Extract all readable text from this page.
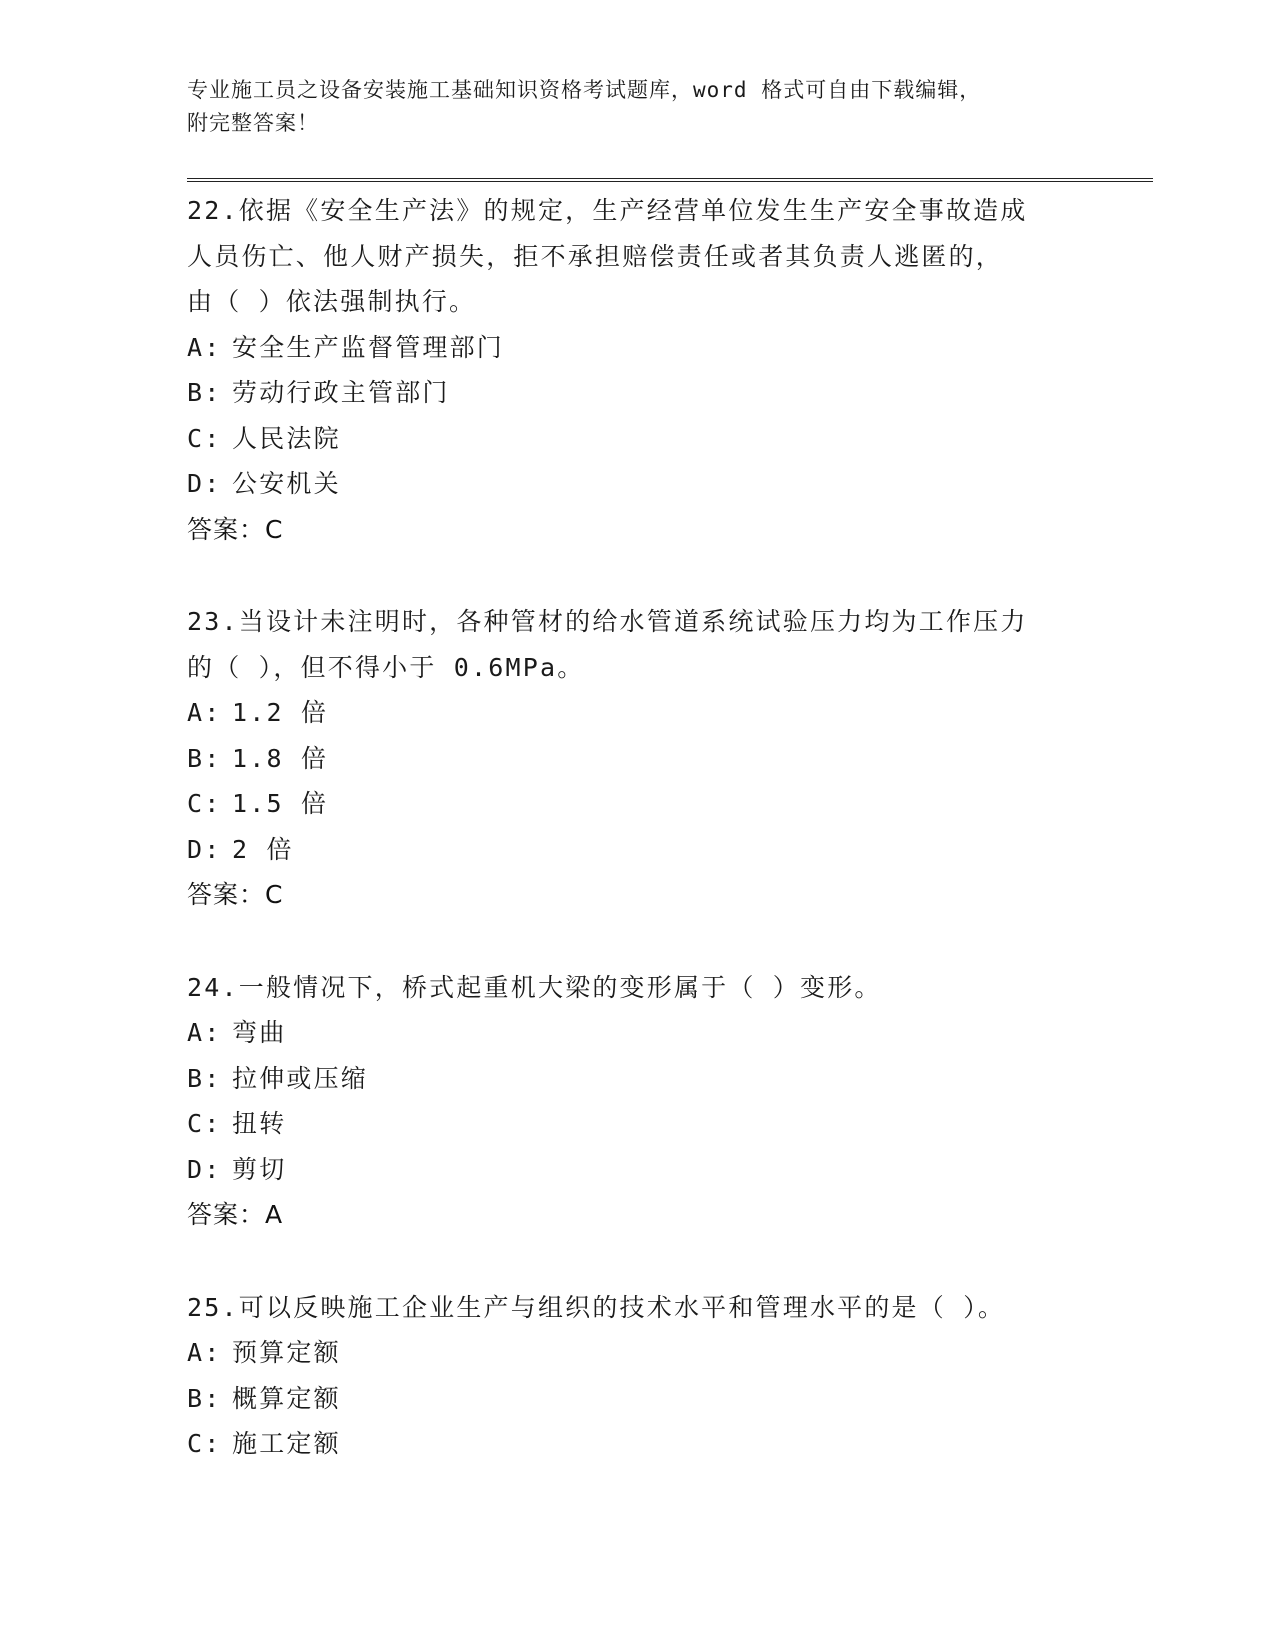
专业施工员之设备安装施工基础知识资格考试题库，word 格式可自由下载编辑，
附完整答案！
22.依据《安全生产法》的规定，生产经营单位发生生产安全事故造成
人员伤亡、他人财产损失，拒不承担赔偿责任或者其负责人逃匿的，
由（ ）依法强制执行。
A: 安全生产监督管理部门
B: 劳动行政主管部门
C: 人民法院
D: 公安机关
答案：C
23.当设计未注明时，各种管材的给水管道系统试验压力均为工作压力
的（ ），但不得小于 0.6MPa。
A: 1.2 倍
B: 1.8 倍
C: 1.5 倍
D: 2 倍
答案：C
24.一般情况下，桥式起重机大梁的变形属于（ ）变形。
A: 弯曲
B: 拉伸或压缩
C: 扭转
D: 剪切
答案：A
25.可以反映施工企业生产与组织的技术水平和管理水平的是（ ）。
A: 预算定额
B: 概算定额
C: 施工定额
